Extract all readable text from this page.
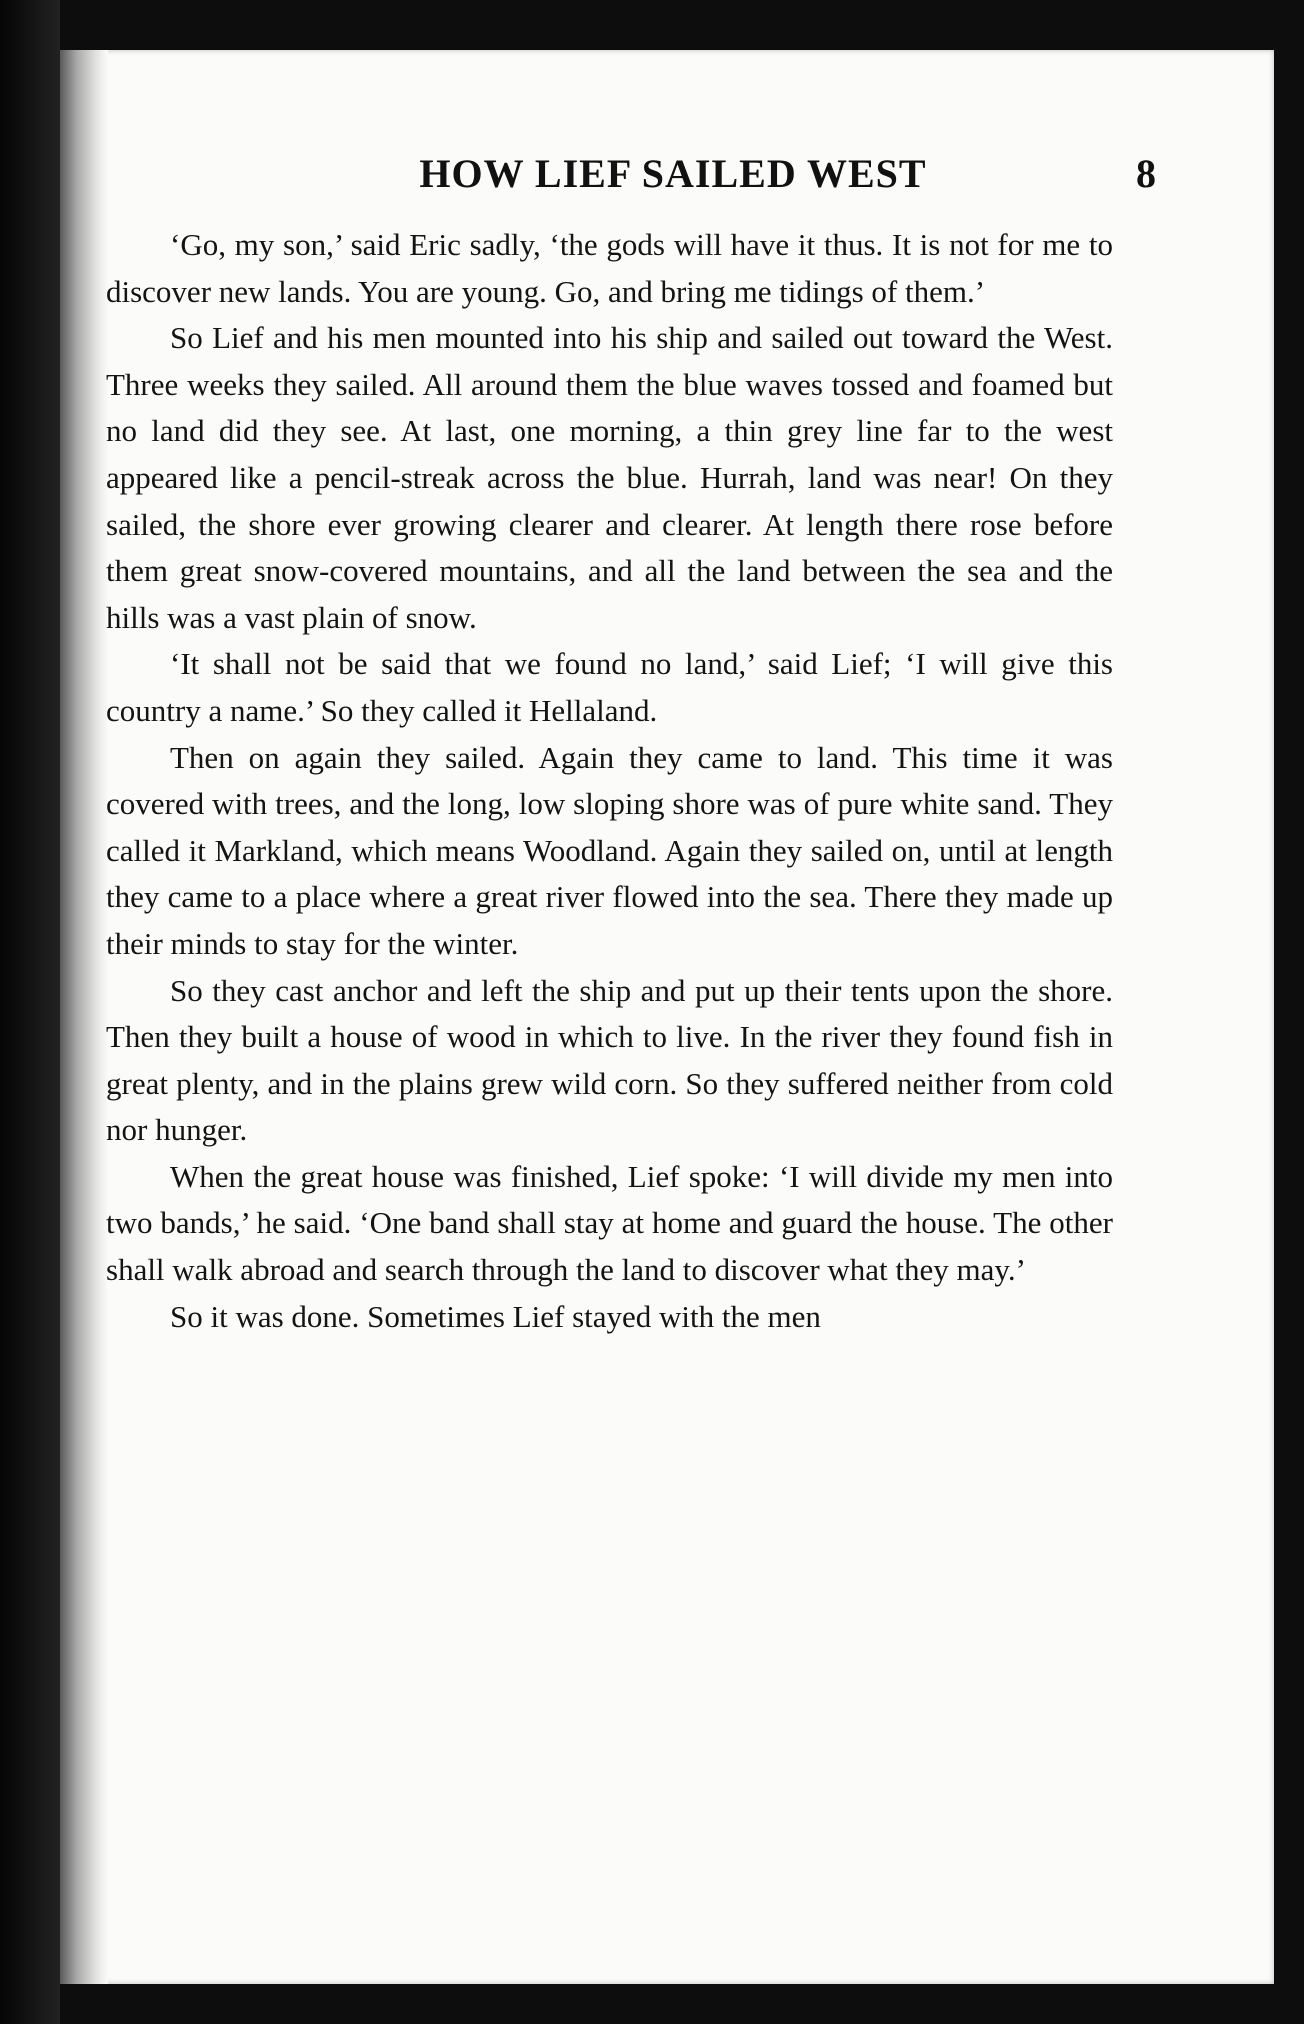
HOW LIEF SAILED WEST	8

‘Go, my son,’ said Eric sadly, ‘the gods will have it thus. It is not for me to discover new lands. You are young. Go, and bring me tidings of them.’

So Lief and his men mounted into his ship and sailed out toward the West. Three weeks they sailed. All around them the blue waves tossed and foamed but no land did they see. At last, one morning, a thin grey line far to the west appeared like a pencil-streak across the blue. Hurrah, land was near! On they sailed, the shore ever growing clearer and clearer. At length there rose before them great snow-covered mountains, and all the land between the sea and the hills was a vast plain of snow.

‘It shall not be said that we found no land,’ said Lief; ‘I will give this country a name.’ So they called it Hellaland.

Then on again they sailed. Again they came to land. This time it was covered with trees, and the long, low sloping shore was of pure white sand. They called it Markland, which means Woodland. Again they sailed on, until at length they came to a place where a great river flowed into the sea. There they made up their minds to stay for the winter.

So they cast anchor and left the ship and put up their tents upon the shore. Then they built a house of wood in which to live. In the river they found fish in great plenty, and in the plains grew wild corn. So they suffered neither from cold nor hunger.

When the great house was finished, Lief spoke: ‘I will divide my men into two bands,’ he said. ‘One band shall stay at home and guard the house. The other shall walk abroad and search through the land to discover what they may.’

So it was done. Sometimes Lief stayed with the men
